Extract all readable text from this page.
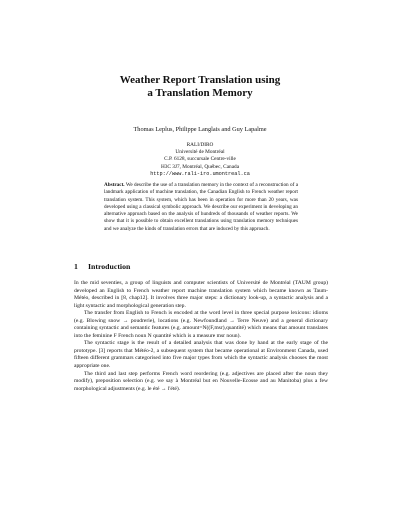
Weather Report Translation using
a Translation Memory
Thomas Leplus, Philippe Langlais and Guy Lapalme
RALI/DIRO
Université de Montréal
C.P. 6128, succursale Centre-ville
H3C 3J7, Montréal, Québec, Canada
http://www.rali-iro.umontreal.ca
Abstract. We describe the use of a translation memory in the context of a reconstruction of a landmark application of machine translation, the Canadian English to French weather report translation system. This system, which has been in operation for more than 20 years, was developed using a classical symbolic approach. We describe our experiment in developing an alternative approach based on the analysis of hundreds of thousands of weather reports. We show that it is possible to obtain excellent translations using translation memory techniques and we analyze the kinds of translation errors that are induced by this approach.
1 Introduction

In the mid seventies, a group of linguists and computer scientists of Université de Montréal (TAUM group) developed an English to French weather report machine translation system which became known as Taum-Météo, described in [8, chap12]. It involves three major steps: a dictionary look-up, a syntactic analysis and a light syntactic and morphological generation step.

The transfer from English to French is encoded at the word level in three special purpose lexicons: idioms (e.g. Blowing snow → poudrerie), locations (e.g. Newfoundland → Terre Neuve) and a general dictionary containing syntactic and semantic features (e.g. amount=N((F,msr),quantité) which means that amount translates into the feminine F French noun N quantité which is a measure msr noun).

The syntactic stage is the result of a detailed analysis that was done by hand at the early stage of the prototype. [3] reports that Météo-2, a subsequent system that became operational at Environment Canada, used fifteen different grammars categorised into five major types from which the syntactic analysis chooses the most appropriate one.

The third and last step performs French word reordering (e.g. adjectives are placed after the noun they modify), preposition selection (e.g. we say à Montréal but en Nouvelle-Ecosse and au Manitoba) plus a few morphological adjustments (e.g. le été → l'été).
